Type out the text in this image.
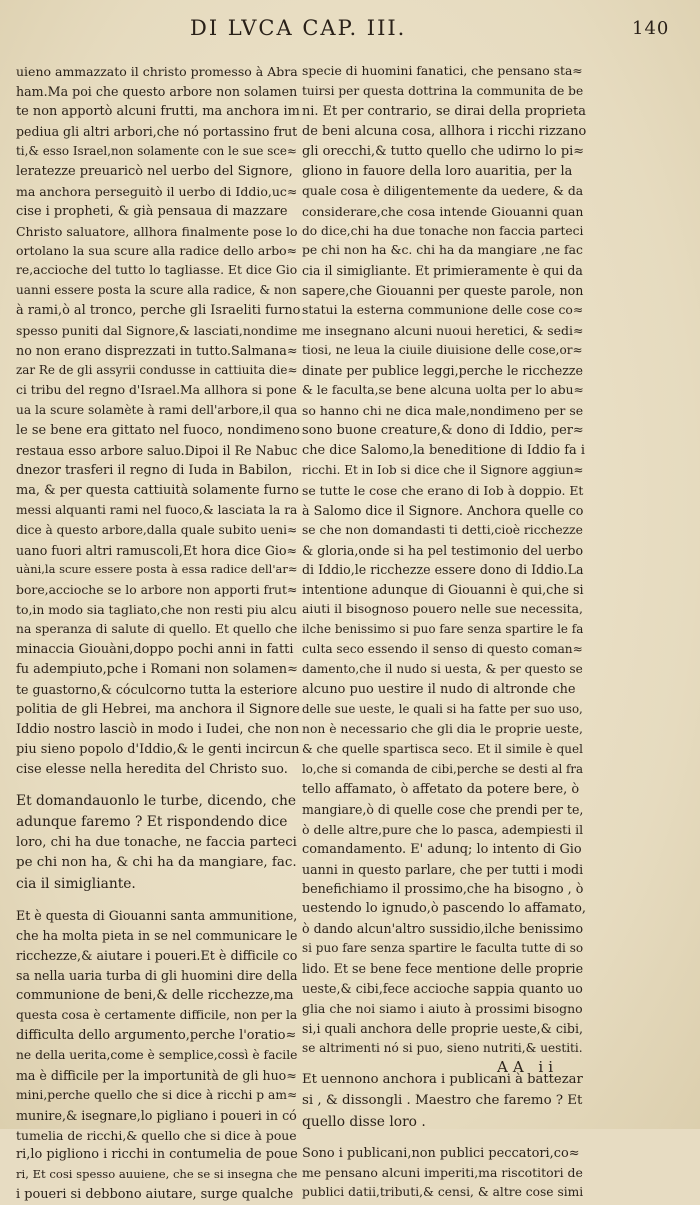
DI LVCA CAP. III.	140
uieno ammazzato il christo promesso à Abra
ham.Ma poi che questo arbore non solamen
te non apportò alcuni frutti, ma anchora im
pediua gli altri arbori,che nó portassino frut
ti,& esso Israel,non solamente con le sue sce≈
leratezze preuaricò nel uerbo del Signore,
ma anchora perseguitò il uerbo di Iddio,uc≈
cise i propheti, & già pensaua di mazzare
Christo saluatore, allhora finalmente pose lo
ortolano la sua scure alla radice dello arbo≈
re,accioche del tutto lo tagliasse. Et dice Gio
uanni essere posta la scure alla radice, & non
à rami,ò al tronco, perche gli Israeliti furno
spesso puniti dal Signore,& lasciati,nondime
no non erano disprezzati in tutto.Salmana≈
zar Re de gli assyrii condusse in cattiuita die≈
ci tribu del regno d'Israel.Ma allhora si pone
ua la scure solamète à rami dell'arbore,il qua
le se bene era gittato nel fuoco, nondimeno
restaua esso arbore saluo.Dipoi il Re Nabuc
dnezor trasferi il regno di Iuda in Babilon,
ma, & per questa cattiuità solamente furno
messi alquanti rami nel fuoco,& lasciata la ra
dice à questo arbore,dalla quale subito ueni≈
uano fuori altri ramuscoli,Et hora dice Gio≈
uàni,la scure essere posta à essa radice dell'ar≈
bore,accioche se lo arbore non apporti frut≈
to,in modo sia tagliato,che non resti piu alcu
na speranza di salute di quello. Et quello che
minaccia Giouàni,doppo pochi anni in fatti
fu adempiuto,pche i Romani non solamen≈
te guastorno,& cóculcorno tutta la esteriore
politia de gli Hebrei, ma anchora il Signore
Iddio nostro lasciò in modo i Iudei, che non
piu sieno popolo d'Iddio,& le genti incircun
cise elesse nella heredita del Christo suo.
Et domandauonlo le turbe, dicendo, che
adunque faremo ? Et rispondendo dice
loro, chi ha due tonache, ne faccia parteci
pe chi non ha, & chi ha da mangiare, fac.
cia il simigliante.
Et è questa di Giouanni santa ammunitione,
che ha molta pieta in se nel communicare le
ricchezze,& aiutare i poueri.Et è difficile co
sa nella uaria turba di gli huomini dire della
communione de beni,& delle ricchezze,ma
questa cosa è certamente difficile, non per la
difficulta dello argumento,perche l'oratio≈
ne della uerita,come è semplice,cossì è facile
ma è difficile per la importunità de gli huo≈
mini,perche quello che si dice à ricchi p am≈
munire,& isegnare,lo pigliano i poueri in có
tumelia de ricchi,& quello che si dice à poue
ri,lo pigliono i ricchi in contumelia de poue
ri, Et cosi spesso auuiene, che se si insegna che
i poueri si debbono aiutare, surge qualche
specie di huomini fanatici, che pensano sta≈
tuirsi per questa dottrina la communita de be
ni. Et per contrario, se dirai della proprieta
de beni alcuna cosa, allhora i ricchi rizzano
gli orecchi,& tutto quello che udirno lo pi≈
gliono in fauore della loro auaritia, per la
quale cosa è diligentemente da uedere, & da
considerare,che cosa intende Giouanni quan
do dice,chi ha due tonache non faccia parteci
pe chi non ha &c. chi ha da mangiare ,ne fac
cia il simigliante. Et primieramente è qui da
sapere,che Giouanni per queste parole, non
statui la esterna communione delle cose co≈
me insegnano alcuni nuoui heretici, & sedi≈
tiosi, ne leua la ciuile diuisione delle cose,or≈
dinate per publice leggi,perche le ricchezze
& le faculta,se bene alcuna uolta per lo abu≈
so hanno chi ne dica male,nondimeno per se
sono buone creature,& dono di Iddio, per≈
che dice Salomo,la beneditione di Iddio fa i
ricchi. Et in Iob si dice che il Signore aggiun≈
se tutte le cose che erano di Iob à doppio. Et
à Salomo dice il Signore. Anchora quelle co
se che non domandasti ti detti,cioè ricchezze
& gloria,onde si ha pel testimonio del uerbo
di Iddio,le ricchezze essere dono di Iddio.La
intentione adunque di Giouanni è qui,che si
aiuti il bisognoso pouero nelle sue necessita,
ilche benissimo si puo fare senza spartire le fa
culta seco essendo il senso di questo coman≈
damento,che il nudo si uesta, & per questo se
alcuno puo uestire il nudo di altronde che
delle sue ueste, le quali si ha fatte per suo uso,
non è necessario che gli dia le proprie ueste,
& che quelle spartisca seco. Et il simile è quel
lo,che si comanda de cibi,perche se desti al fra
tello affamato, ò affetato da potere bere, ò
mangiare,ò di quelle cose che prendi per te,
ò delle altre,pure che lo pasca, adempiesti il
comandamento. E' adunq; lo intento di Gio
uanni in questo parlare, che per tutti i modi
benefichiamo il prossimo,che ha bisogno , ò
uestendo lo ignudo,ò pascendo lo affamato,
ò dando alcun'altro sussidio,ilche benissimo
si puo fare senza spartire le faculta tutte di so
lido. Et se bene fece mentione delle proprie
ueste,& cibi,fece accioche sappia quanto uo
glia che noi siamo i aiuto à prossimi bisogno
si,i quali anchora delle proprie ueste,& cibi,
se altrimenti nó si puo, sieno nutriti,& uestiti.
Et uennono anchora i publicani à battezar
si , & dissongli . Maestro che faremo ? Et
quello disse loro .
Sono i publicani,non publici peccatori,co≈
me pensano alcuni imperiti,ma riscotitori de
publici datii,tributi,& censi, & altre cose simi
AA ii
